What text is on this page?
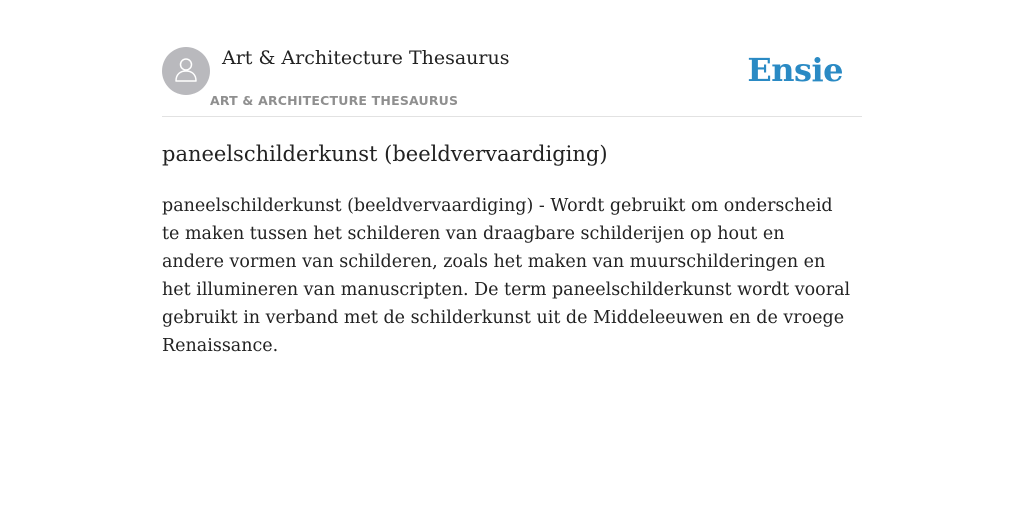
Art & Architecture Thesaurus
ART & ARCHITECTURE THESAURUS
Ensie
paneelschilderkunst (beeldvervaardiging)

paneelschilderkunst (beeldvervaardiging) - Wordt gebruikt om onderscheid te maken tussen het schilderen van draagbare schilderijen op hout en andere vormen van schilderen, zoals het maken van muurschilderingen en het illumineren van manuscripten. De term paneelschilderkunst wordt vooral gebruikt in verband met de schilderkunst uit de Middeleeuwen en de vroege Renaissance.
